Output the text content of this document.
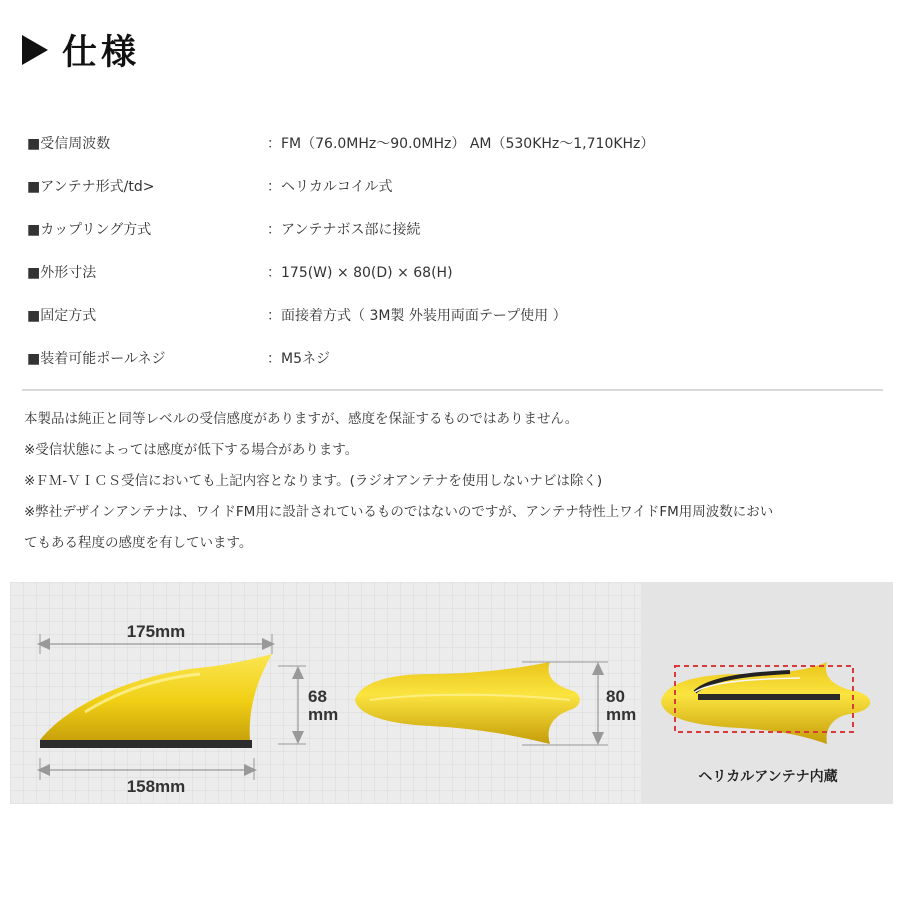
仕様
■受信周波数	：FM（76.0MHz～90.0MHz） AM（530KHz～1,710KHz）
■アンテナ形式/td>	：ヘリカルコイル式
■カップリング方式	：アンテナボス部に接続
■外形寸法	：175(W) × 80(D) × 68(H)
■固定方式	：面接着方式（ 3M製 外装用両面テープ使用 ）
■装着可能ポールネジ	：M5ネジ

本製品は純正と同等レベルの受信感度がありますが、感度を保証するものではありません。

※受信状態によっては感度が低下する場合があります。

※ＦＭ-ＶＩＣＳ受信においても上記内容となります。(ラジオアンテナを使用しないナビは除く)

※弊社デザインアンテナは、ワイドFM用に設計されているものではないのですが、アンテナ特性上ワイドFM用周波数におい

てもある程度の感度を有しています。

175mm
158mm
68
mm
80
mm
ヘリカルアンテナ内蔵
